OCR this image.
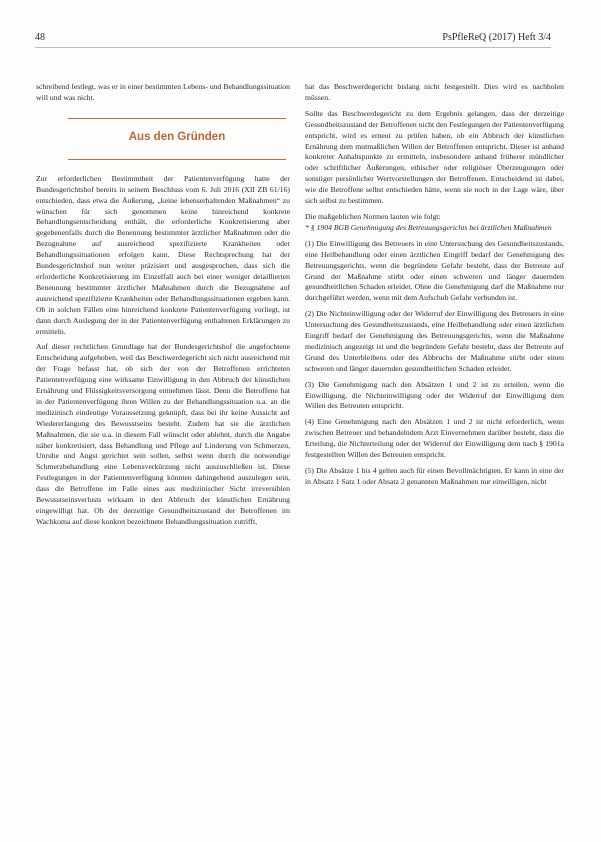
48	PsPfleReQ (2017) Heft 3/4

schreibend festlegt, was er in einer bestimmten Lebens- und Behandlungssituation will und was nicht.

Aus den Gründen

Zur erforderlichen Bestimmtheit der Patientenverfügung hatte der Bundesgerichtshof bereits in seinem Beschluss vom 6. Juli 2016 (XII ZB 61/16) entschieden, dass etwa die Äußerung, „keine lebenserhaltenden Maßnahmen“ zu wünschen für sich genommen keine hinreichend konkrete Behandlungsentscheidung enthält, die erforderliche Konkretisierung aber gegebenenfalls durch die Benennung bestimmter ärztlicher Maßnahmen oder die Bezugnahme auf ausreichend spezifizierte Krankheiten oder Behandlungssituationen erfolgen kann. Diese Rechtsprechung hat der Bundesgerichtshof nun weiter präzisiert und ausgesprochen, dass sich die erforderliche Konkretisierung im Einzelfall auch bei einer weniger detaillierten Benennung bestimmter ärztlicher Maßnahmen durch die Bezugnahme auf ausreichend spezifizierte Krankheiten oder Behandlungssituationen ergeben kann. Ob in solchen Fällen eine hinreichend konkrete Patientenverfügung vorliegt, ist dann durch Auslegung der in der Patientenverfügung enthaltenen Erklärungen zu ermitteln.

Auf dieser rechtlichen Grundlage hat der Bundesgerichtshof die angefochtene Entscheidung aufgehoben, weil das Beschwerdegericht sich nicht ausreichend mit der Frage befasst hat, ob sich der von der Betroffenen errichteten Patientenverfügung eine wirksame Einwilligung in den Abbruch der künstlichen Ernährung und Flüssigkeitsversorgung entnehmen lässt. Denn die Betroffene hat in der Patientenverfügung ihren Willen zu der Behandlungssituation u.a. an die medizinisch eindeutige Voraussetzung geknüpft, dass bei ihr keine Aussicht auf Wiedererlangung des Bewusstseins besteht. Zudem hat sie die ärztlichen Maßnahmen, die sie u.a. in diesem Fall wünscht oder ablehnt, durch die Angabe näher konkretisiert, dass Behandlung und Pflege auf Linderung von Schmerzen, Unruhe und Angst gerichtet sein sollen, selbst wenn durch die notwendige Schmerzbehandlung eine Lebensverkürzung nicht auszuschließen ist. Diese Festlegungen in der Patientenverfügung könnten dahingehend auszulegen sein, dass die Betroffene im Falle eines aus medizinischer Sicht irreversiblen Bewusstseinsverlusts wirksam in den Abbruch der künstlichen Ernährung eingewilligt hat. Ob der derzeitige Gesundheitszustand der Betroffenen im Wachkoma auf diese konkret bezeichnete Behandlungssituation zutrifft,

hat das Beschwerdegericht bislang nicht festgestellt. Dies wird es nachholen müssen.

Sollte das Beschwerdegericht zu dem Ergebnis gelangen, dass der derzeitige Gesundheitszustand der Betroffenen nicht den Festlegungen der Patientenverfügung entspricht, wird es erneut zu prüfen haben, ob ein Abbruch der künstlichen Ernährung dem mutmaßlichen Willen der Betroffenen entspricht. Dieser ist anhand konkreter Anhaltspunkte zu ermitteln, insbesondere anhand früherer mündlicher oder schriftlicher Äußerungen, ethischer oder religiöser Überzeugungen oder sonstiger persönlicher Wertvorstellungen der Betroffenen. Entscheidend ist dabei, wie die Betroffene selbst entschieden hätte, wenn sie noch in der Lage wäre, über sich selbst zu bestimmen.

Die maßgeblichen Normen lauten wie folgt:

* § 1904 BGB Genehmigung des Betreuungsgerichts bei ärztlichen Maßnahmen

(1) Die Einwilligung des Betreuers in eine Untersuchung des Gesundheitszustands, eine Heilbehandlung oder einen ärztlichen Eingriff bedarf der Genehmigung des Betreuungsgerichts, wenn die begründete Gefahr besteht, dass der Betreute auf Grund der Maßnahme stirbt oder einen schweren und länger dauernden gesundheitlichen Schaden erleidet. Ohne die Genehmigung darf die Maßnahme nur durchgeführt werden, wenn mit dem Aufschub Gefahr verbunden ist.

(2) Die Nichteinwilligung oder der Widerruf der Einwilligung des Betreuers in eine Untersuchung des Gesundheitszustands, eine Heilbehandlung oder einen ärztlichen Eingriff bedarf der Genehmigung des Betreuungsgerichts, wenn die Maßnahme medizinisch angezeigt ist und die begründete Gefahr besteht, dass der Betreute auf Grund des Unterbleibens oder des Abbruchs der Maßnahme stirbt oder einen schweren und länger dauernden gesundheitlichen Schaden erleidet.

(3) Die Genehmigung nach den Absätzen 1 und 2 ist zu erteilen, wenn die Einwilligung, die Nichteinwilligung oder der Widerruf der Einwilligung dem Willen des Betreuten entspricht.

(4) Eine Genehmigung nach den Absätzen 1 und 2 ist nicht erforderlich, wenn zwischen Betreuer und behandelndem Arzt Einvernehmen darüber besteht, dass die Erteilung, die Nichterteilung oder der Widerruf der Einwilligung dem nach § 1901a festgestellten Willen des Betreuten entspricht.

(5) Die Absätze 1 bis 4 gelten auch für einen Bevollmächtigten. Er kann in eine der in Absatz 1 Satz 1 oder Absatz 2 genannten Maßnahmen nur einwilligen, nicht
